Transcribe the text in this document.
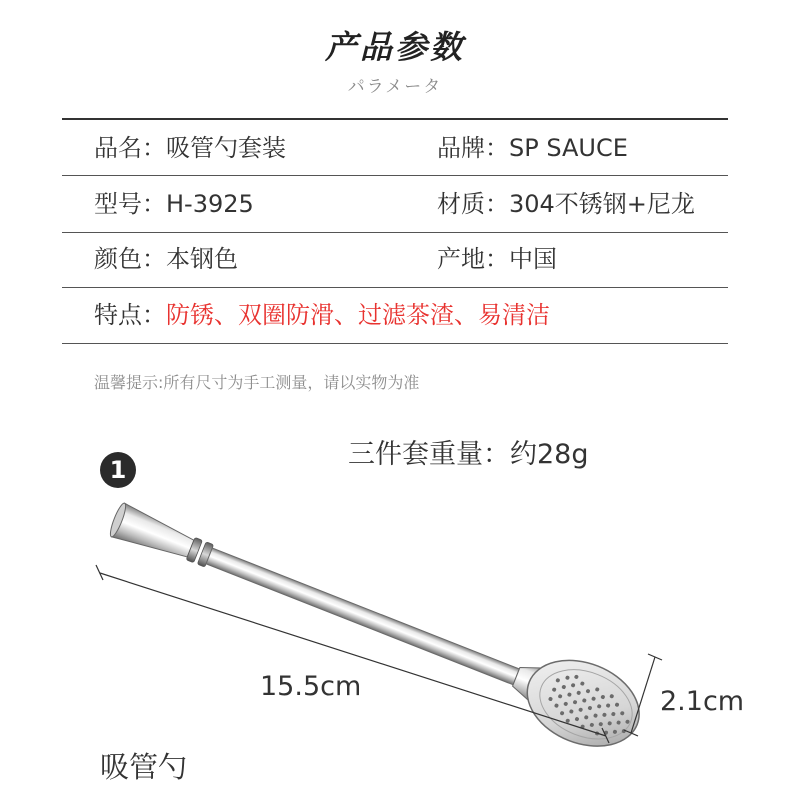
产品参数
パラメータ
品名：吸管勺套装	品牌：SP SAUCE
型号：H-3925	材质：304不锈钢+尼龙
颜色：本钢色	产地：中国
特点：防锈、双圈防滑、过滤茶渣、易清洁
温馨提示:所有尺寸为手工测量，请以实物为准
三件套重量：约28g
1
15.5cm	2.1cm
吸管勺
